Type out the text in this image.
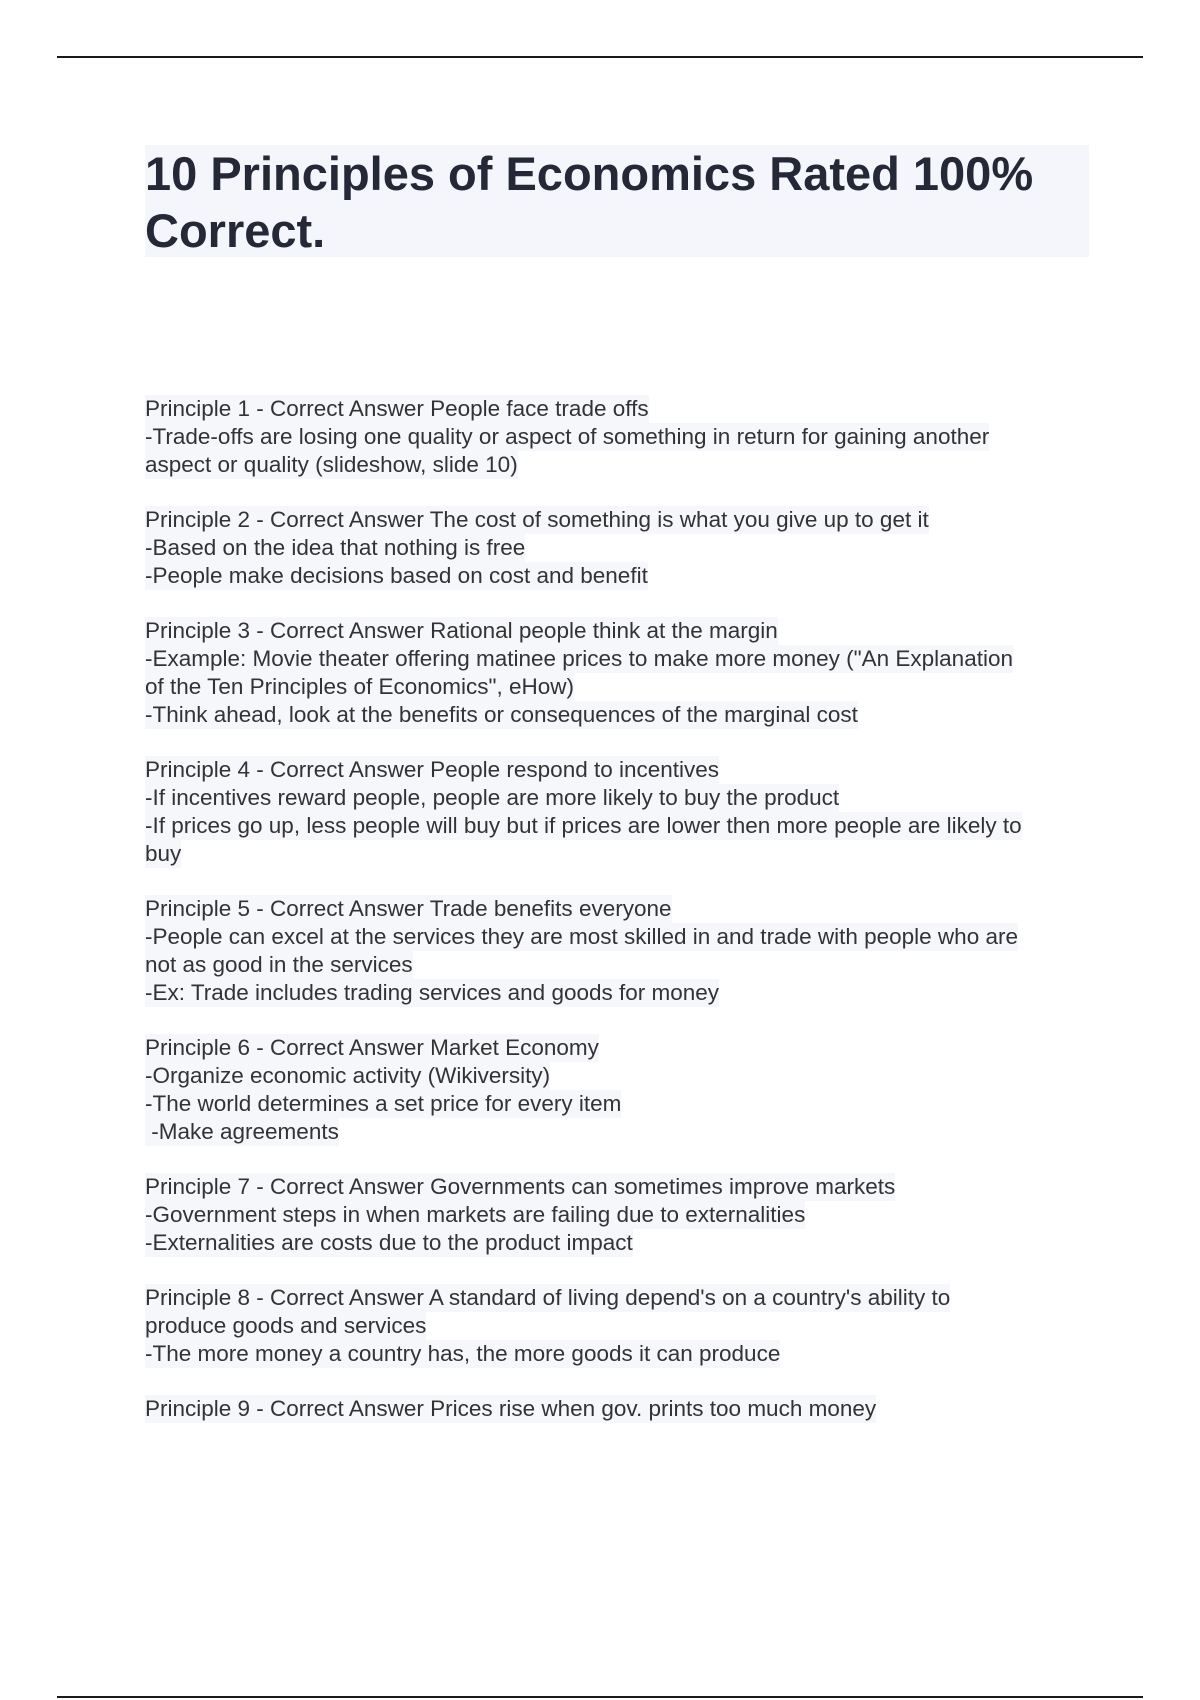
10 Principles of Economics Rated 100% Correct.
Principle 1 - Correct Answer People face trade offs
-Trade-offs are losing one quality or aspect of something in return for gaining another
aspect or quality (slideshow, slide 10)
Principle 2 - Correct Answer The cost of something is what you give up to get it
-Based on the idea that nothing is free
-People make decisions based on cost and benefit
Principle 3 - Correct Answer Rational people think at the margin
-Example: Movie theater offering matinee prices to make more money ("An Explanation
of the Ten Principles of Economics", eHow)
-Think ahead, look at the benefits or consequences of the marginal cost
Principle 4 - Correct Answer People respond to incentives
-If incentives reward people, people are more likely to buy the product
-If prices go up, less people will buy but if prices are lower then more people are likely to
buy
Principle 5 - Correct Answer Trade benefits everyone
-People can excel at the services they are most skilled in and trade with people who are
not as good in the services
-Ex: Trade includes trading services and goods for money
Principle 6 - Correct Answer Market Economy
-Organize economic activity (Wikiversity)
-The world determines a set price for every item
-Make agreements
Principle 7 - Correct Answer Governments can sometimes improve markets
-Government steps in when markets are failing due to externalities
-Externalities are costs due to the product impact
Principle 8 - Correct Answer A standard of living depend's on a country's ability to
produce goods and services
-The more money a country has, the more goods it can produce
Principle 9 - Correct Answer Prices rise when gov. prints too much money
